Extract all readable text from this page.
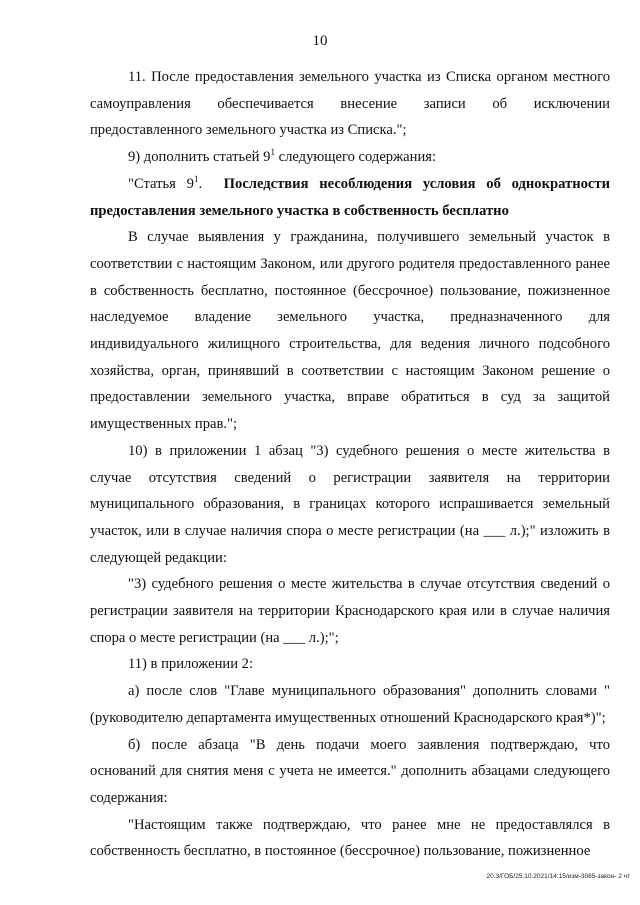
10

11. После предоставления земельного участка из Списка органом местного самоуправления обеспечивается внесение записи об исключении предоставленного земельного участка из Списка.";

9) дополнить статьей $9^1$ следующего содержания:

"Статья $9^1$.  Последствия несоблюдения условия об однократности предоставления земельного участка в собственность бесплатно

В случае выявления у гражданина, получившего земельный участок в соответствии с настоящим Законом, или другого родителя предоставленного ранее в собственность бесплатно, постоянное (бессрочное) пользование, пожизненное наследуемое владение земельного участка, предназначенного для индивидуального жилищного строительства, для ведения личного подсобного хозяйства, орган, принявший в соответствии с настоящим Законом решение о предоставлении земельного участка, вправе обратиться в суд за защитой имущественных прав.";

10) в приложении 1 абзац "3) судебного решения о месте жительства в случае отсутствия сведений о регистрации заявителя на территории муниципального образования, в границах которого испрашивается земельный участок, или в случае наличия спора о месте регистрации (на ___ л.);" изложить в следующей редакции:

"3) судебного решения о месте жительства в случае отсутствия сведений о регистрации заявителя на территории Краснодарского края или в случае наличия спора о месте регистрации (на ___ л.);";

11) в приложении 2:

а) после слов "Главе муниципального образования" дополнить словами "(руководителю департамента имущественных отношений Краснодарского края*)";

б) после абзаца "В день подачи моего заявления подтверждаю, что оснований для снятия меня с учета не имеется." дополнить абзацами следующего содержания:

"Настоящим также подтверждаю, что ранее мне не предоставлялся в собственность бесплатно, в постоянное (бессрочное) пользование, пожизненное

20.3/ГОБ/25.10.2021/14:15/изм-3085-закон- 2 чт
